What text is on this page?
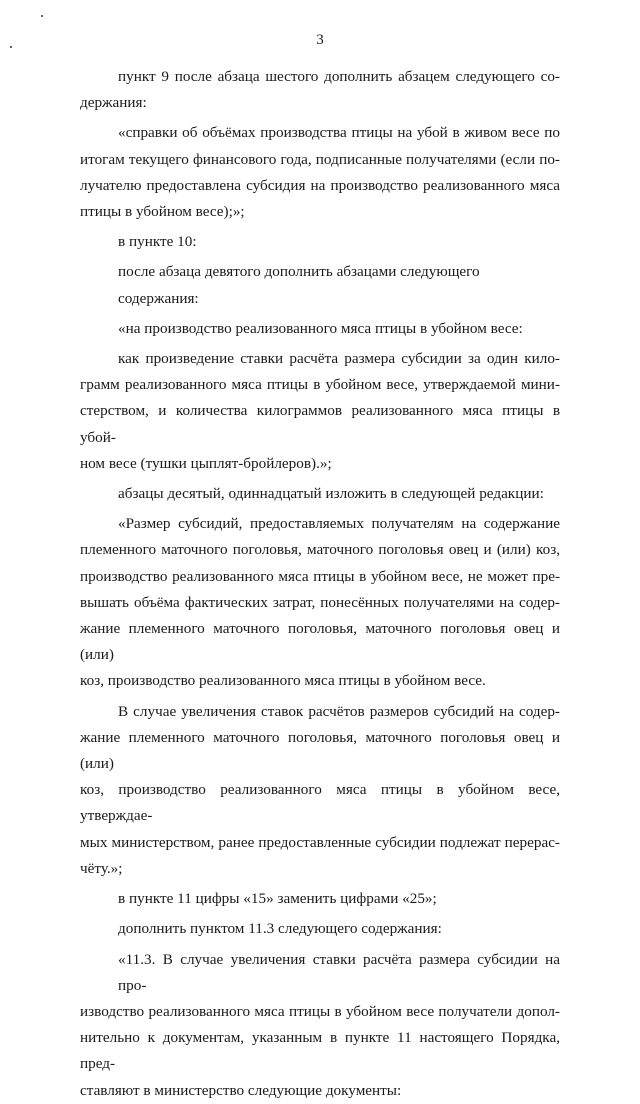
3
пункт 9 после абзаца шестого дополнить абзацем следующего со-
держания:
«справки об объёмах производства птицы на убой в живом весе по
итогам текущего финансового года, подписанные получателями (если по-
лучателю предоставлена субсидия на производство реализованного мяса
птицы в убойном весе);»;
в пункте 10:
после абзаца девятого дополнить абзацами следующего содержания:
«на производство реализованного мяса птицы в убойном весе:
как произведение ставки расчёта размера субсидии за один кило-
грамм реализованного мяса птицы в убойном весе, утверждаемой мини-
стерством, и количества килограммов реализованного мяса птицы в убой-
ном весе (тушки цыплят-бройлеров).»;
абзацы десятый, одиннадцатый изложить в следующей редакции:
«Размер субсидий, предоставляемых получателям на содержание
племенного маточного поголовья, маточного поголовья овец и (или) коз,
производство реализованного мяса птицы в убойном весе, не может пре-
вышать объёма фактических затрат, понесённых получателями на содер-
жание племенного маточного поголовья, маточного поголовья овец и (или)
коз, производство реализованного мяса птицы в убойном весе.
В случае увеличения ставок расчётов размеров субсидий на содер-
жание племенного маточного поголовья, маточного поголовья овец и (или)
коз, производство реализованного мяса птицы в убойном весе, утверждае-
мых министерством, ранее предоставленные субсидии подлежат перерас-
чёту.»;
в пункте 11 цифры «15» заменить цифрами «25»;
дополнить пунктом 11.3 следующего содержания:
«11.3. В случае увеличения ставки расчёта размера субсидии на про-
изводство реализованного мяса птицы в убойном весе получатели допол-
нительно к документам, указанным в пункте 11 настоящего Порядка, пред-
ставляют в министерство следующие документы:
